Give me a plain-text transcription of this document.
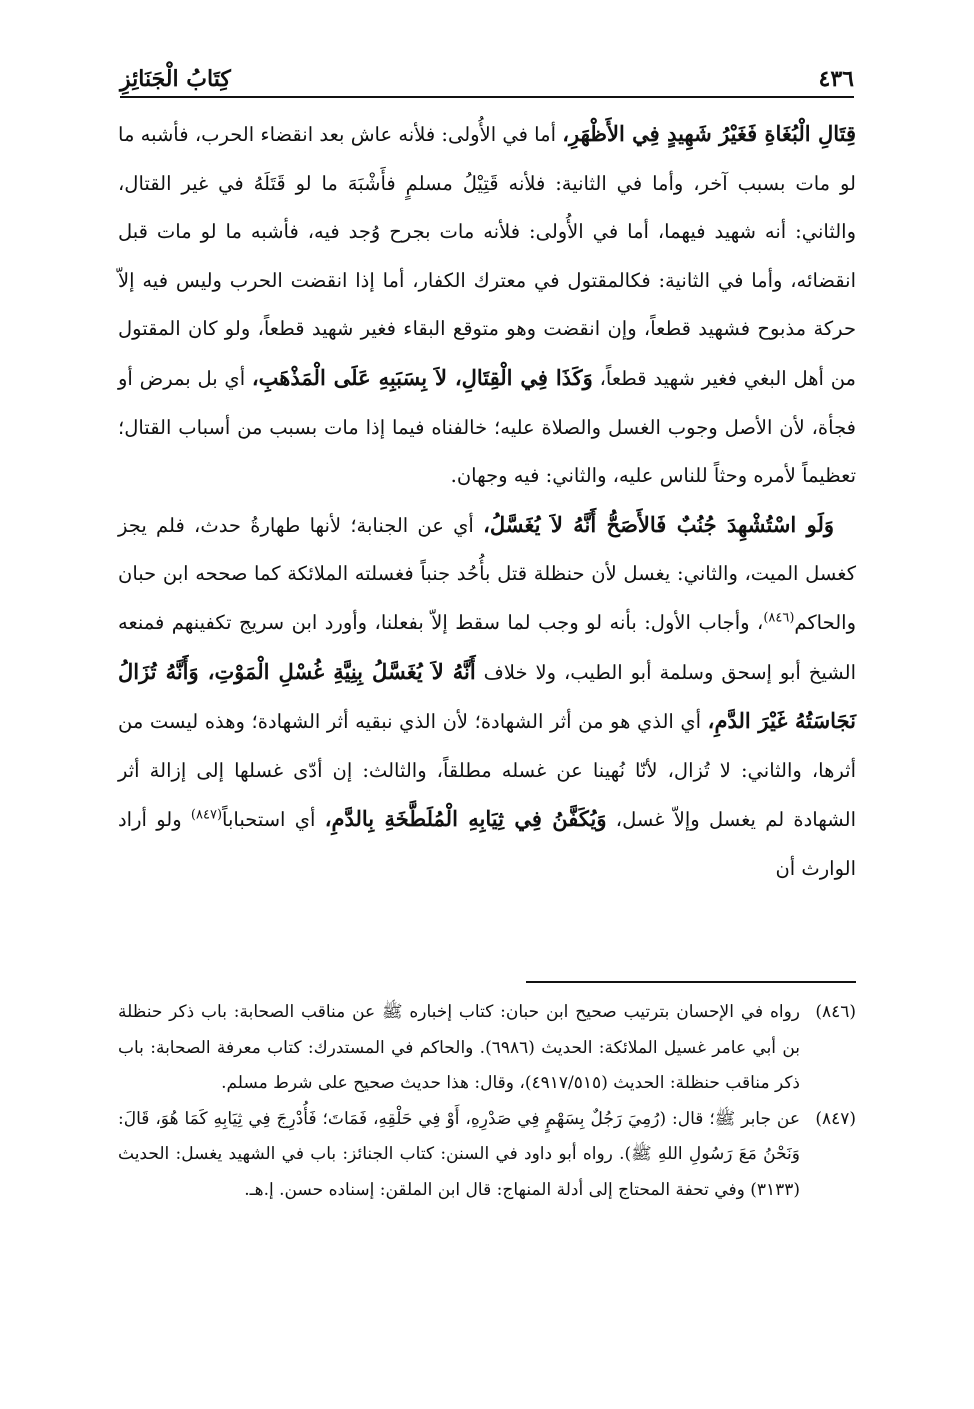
٤٣٦
كِتَابُ الْجَنَائِزِ

قِتَالِ الْبُغَاةِ فَغَيْرُ شَهِيدٍ فِي الأَظْهَرِ، أما في الأُولى: فلأنه عاش بعد انقضاء الحرب، فأشبه ما لو مات بسبب آخر، وأما في الثانية: فلأنه قَتِيْلُ مسلمٍ فأَشْبَهَ ما لو قَتَلَهُ في غير القتال، والثاني: أنه شهيد فيهما، أما في الأُولى: فلأنه مات بجرح وُجد فيه، فأشبه ما لو مات قبل انقضائه، وأما في الثانية: فكالمقتول في معترك الكفار، أما إذا انقضت الحرب وليس فيه إلاّ حركة مذبوح فشهيد قطعاً، وإن انقضت وهو متوقع البقاء فغير شهيد قطعاً، ولو كان المقتول من أهل البغي فغير شهيد قطعاً، وَكَذَا فِي الْقِتَالِ، لاَ بِسَبَبِهِ عَلَى الْمَذْهَبِ، أي بل بمرض أو فجأة، لأن الأصل وجوب الغسل والصلاة عليه؛ خالفناه فيما إذا مات بسبب من أسباب القتال؛ تعظيماً لأمره وحثاً للناس عليه، والثاني: فيه وجهان.

وَلَو اسْتُشْهِدَ جُنُبٌ فَالأَصَحُّ أَنَّهُ لاَ يُغَسَّلُ، أي عن الجنابة؛ لأنها طهارةُ حدث، فلم يجز كغسل الميت، والثاني: يغسل لأن حنظلة قتل بأُحُد جنباً فغسلته الملائكة كما صححه ابن حبان والحاكم$^{(٨٤٦)}$، وأجاب الأول: بأنه لو وجب لما سقط إلاّ بفعلنا، وأورد ابن سريج تكفينهم فمنعه الشيخ أبو إسحق وسلمة أبو الطيب، ولا خلاف أَنَّهُ لاَ يُغَسَّلُ بِنِيَّةِ غُسْلِ الْمَوْتِ، وَأَنَّهُ تُزَالُ نَجَاسَتُهُ غَيْرَ الدَّمِ، أي الذي هو من أثر الشهادة؛ لأن الذي نبقيه أثر الشهادة؛ وهذه ليست من أثرها، والثاني: لا تُزال، لأنّا نُهينا عن غسله مطلقاً، والثالث: إن أدّى غسلها إلى إزالة أثر الشهادة لم يغسل وإلاّ غسل، وَيُكَفَّنُ فِي ثِيَابِهِ الْمُلَطَّخَةِ بِالدَّمِ، أي استحباباً$^{(٨٤٧)}$ ولو أراد الوارث أن

(٨٤٦)رواه في الإحسان بترتيب صحيح ابن حبان: كتاب إخباره ﷺ عن مناقب الصحابة: باب ذكر حنظلة بن أبي عامر غسيل الملائكة: الحديث (٦٩٨٦). والحاكم في المستدرك: كتاب معرفة الصحابة: باب ذكر مناقب حنظلة: الحديث (٤٩١٧/٥١٥)، وقال: هذا حديث صحيح على شرط مسلم.

(٨٤٧)عن جابر ﷺ؛ قال: (رُمِيَ رَجُلٌ بِسَهْمٍ فِي صَدْرِهِ، أَوْ فِي حَلْقِهِ، فَمَاتَ؛ فَأُدْرِجَ فِي ثِيَابِهِ كَمَا هُوَ، قَالَ: وَنَحْنُ مَعَ رَسُولِ اللهِ ﷺ). رواه أبو داود في السنن: كتاب الجنائز: باب في الشهيد يغسل: الحديث (٣١٣٣) وفي تحفة المحتاج إلى أدلة المنهاج: قال ابن الملقن: إسناده حسن. إ.هـ.
